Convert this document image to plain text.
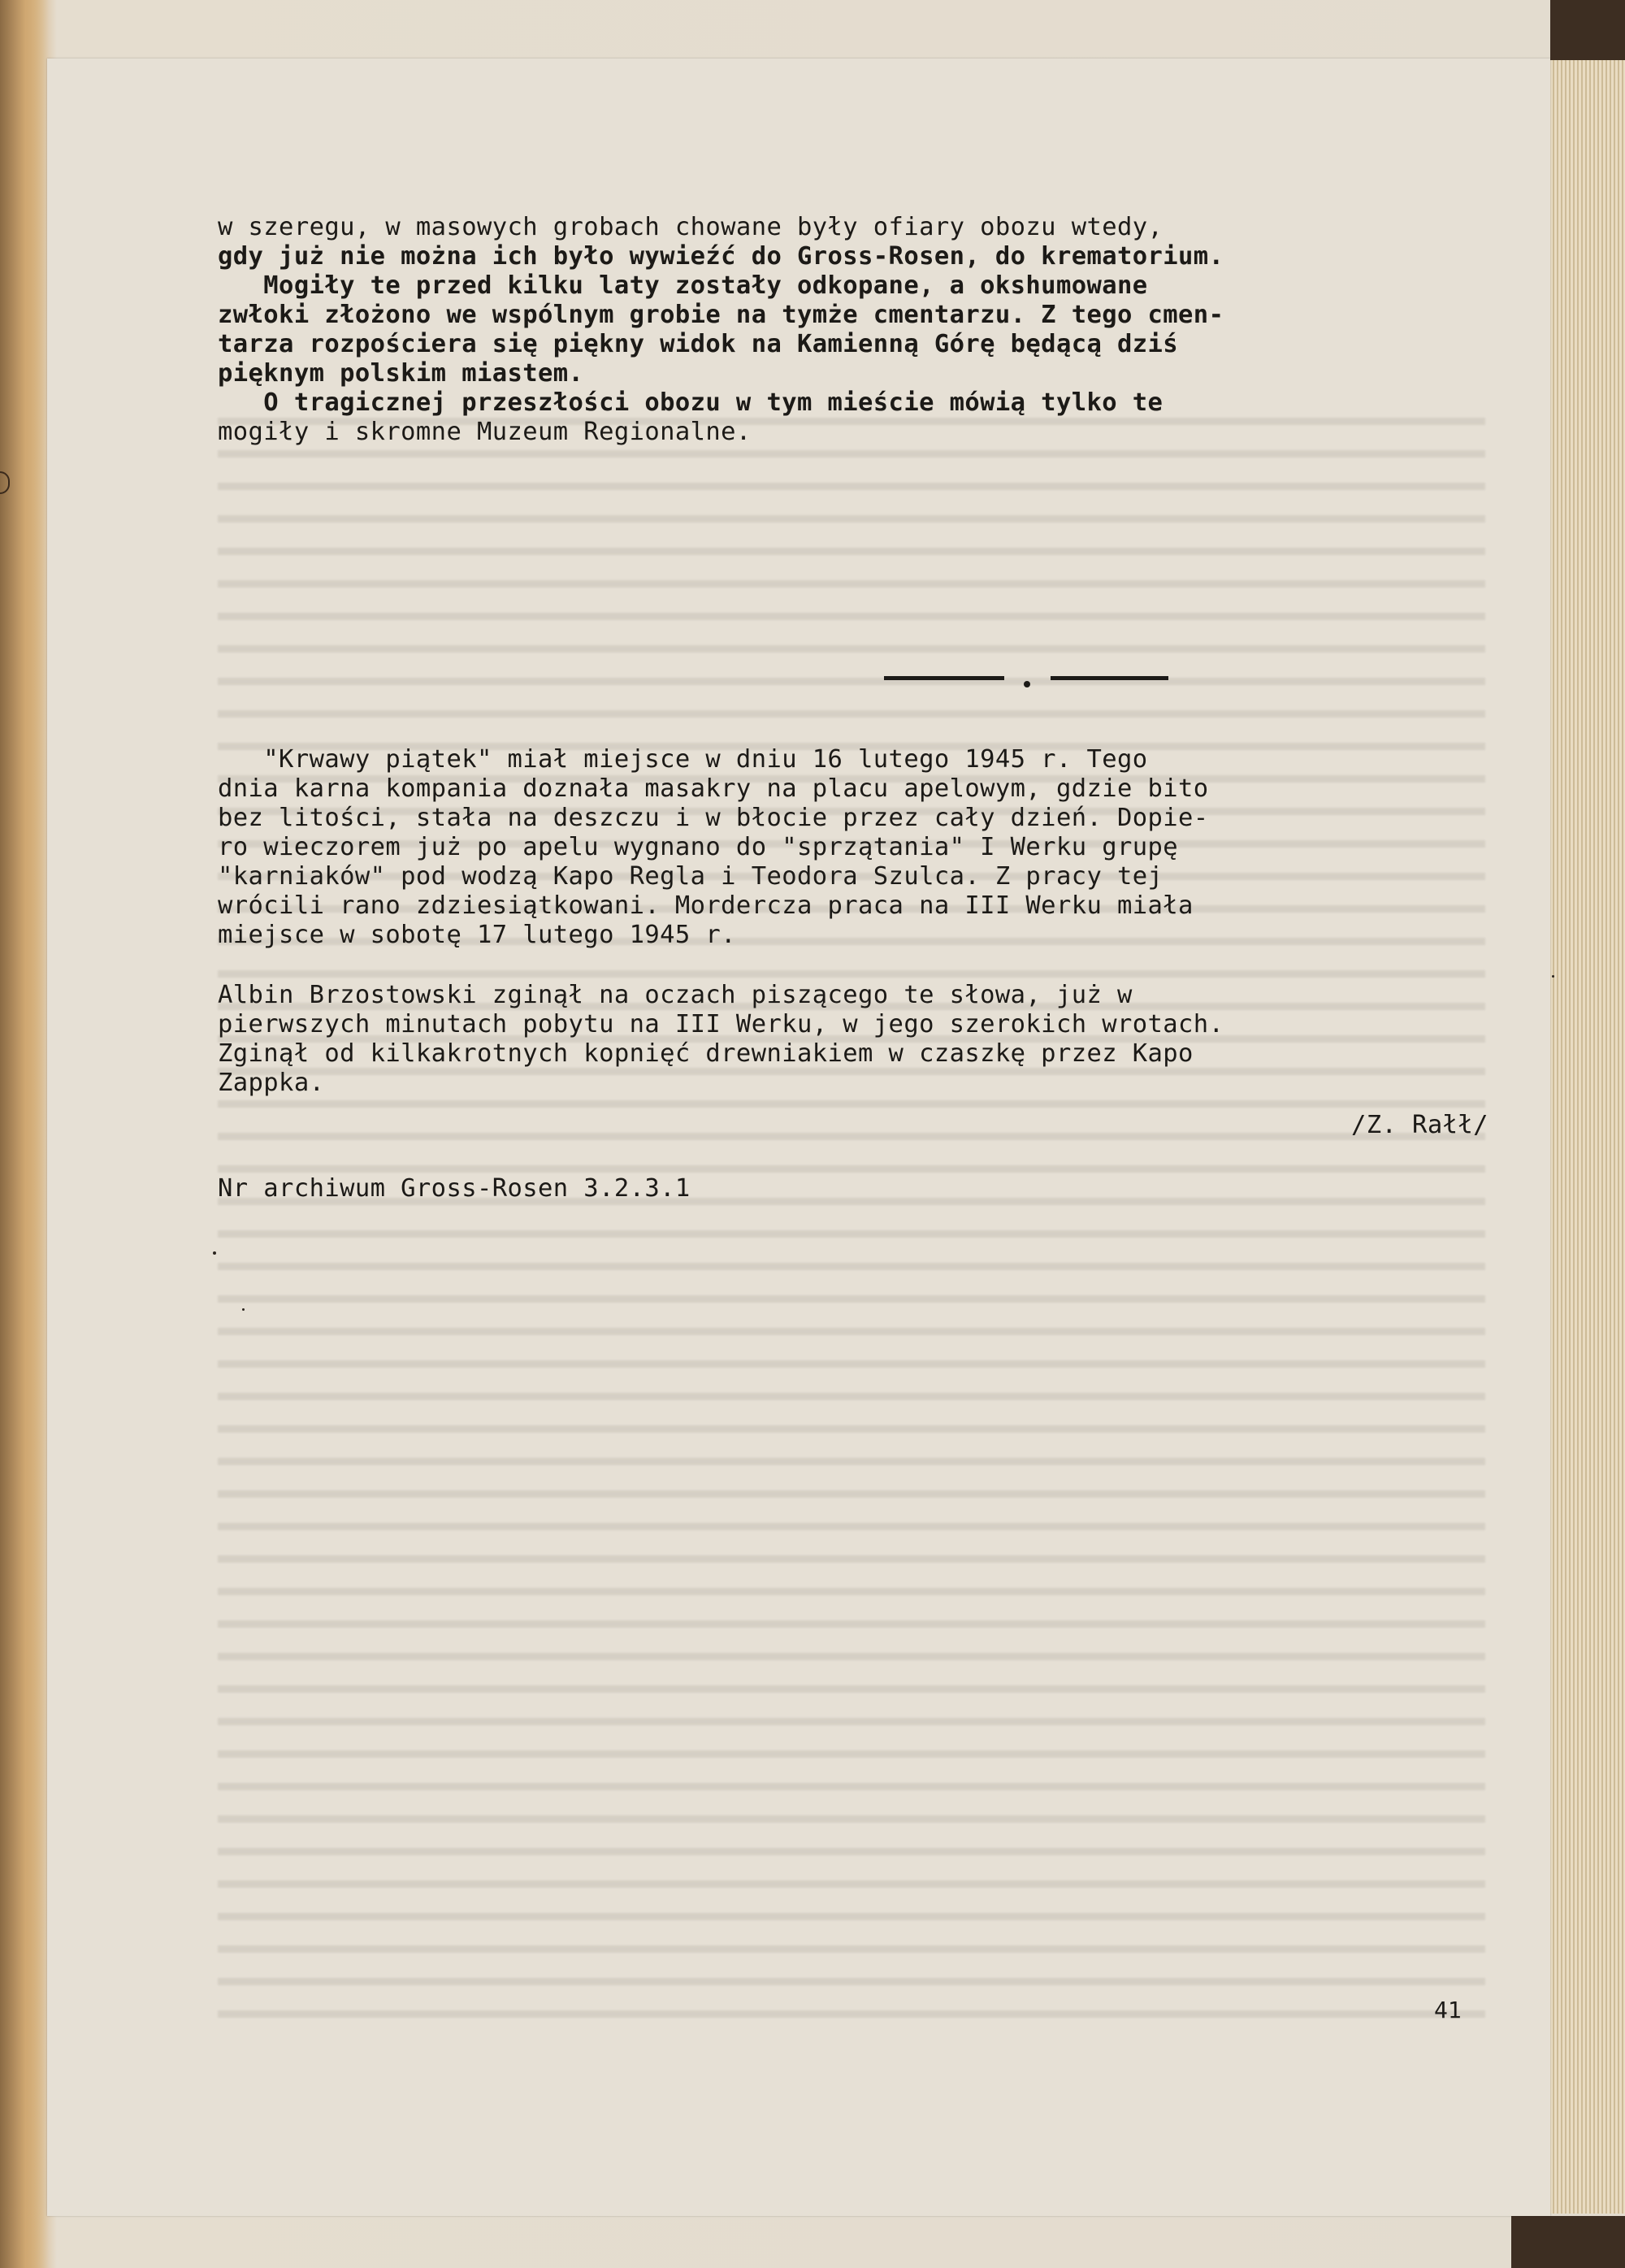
w szeregu, w masowych grobach chowane były ofiary obozu wtedy,

gdy już nie można ich było wywieźć do Gross-Rosen, do krematorium.

Mogiły te przed kilku laty zostały odkopane, a okshumowane

zwłoki złożono we wspólnym grobie na tymże cmentarzu. Z tego cmen-

tarza rozpościera się piękny widok na Kamienną Górę będącą dziś

pięknym polskim miastem.

O tragicznej przeszłości obozu w tym mieście mówią tylko te

mogiły i skromne Muzeum Regionalne.

"Krwawy piątek" miał miejsce w dniu 16 lutego 1945 r. Tego

dnia karna kompania doznała masakry na placu apelowym, gdzie bito

bez litości, stała na deszczu i w błocie przez cały dzień. Dopie-

ro wieczorem już po apelu wygnano do "sprzątania" I Werku grupę

"karniaków" pod wodzą Kapo Regla i Teodora Szulca. Z pracy tej

wrócili rano zdziesiątkowani. Mordercza praca na III Werku miała

miejsce w sobotę 17 lutego 1945 r.

Albin Brzostowski zginął na oczach piszącego te słowa, już w

pierwszych minutach pobytu na III Werku, w jego szerokich wrotach.

Zginął od kilkakrotnych kopnięć drewniakiem w czaszkę przez Kapo

Zappka.

/Z. Rałł/
Nr archiwum Gross-Rosen 3.2.3.1
41
